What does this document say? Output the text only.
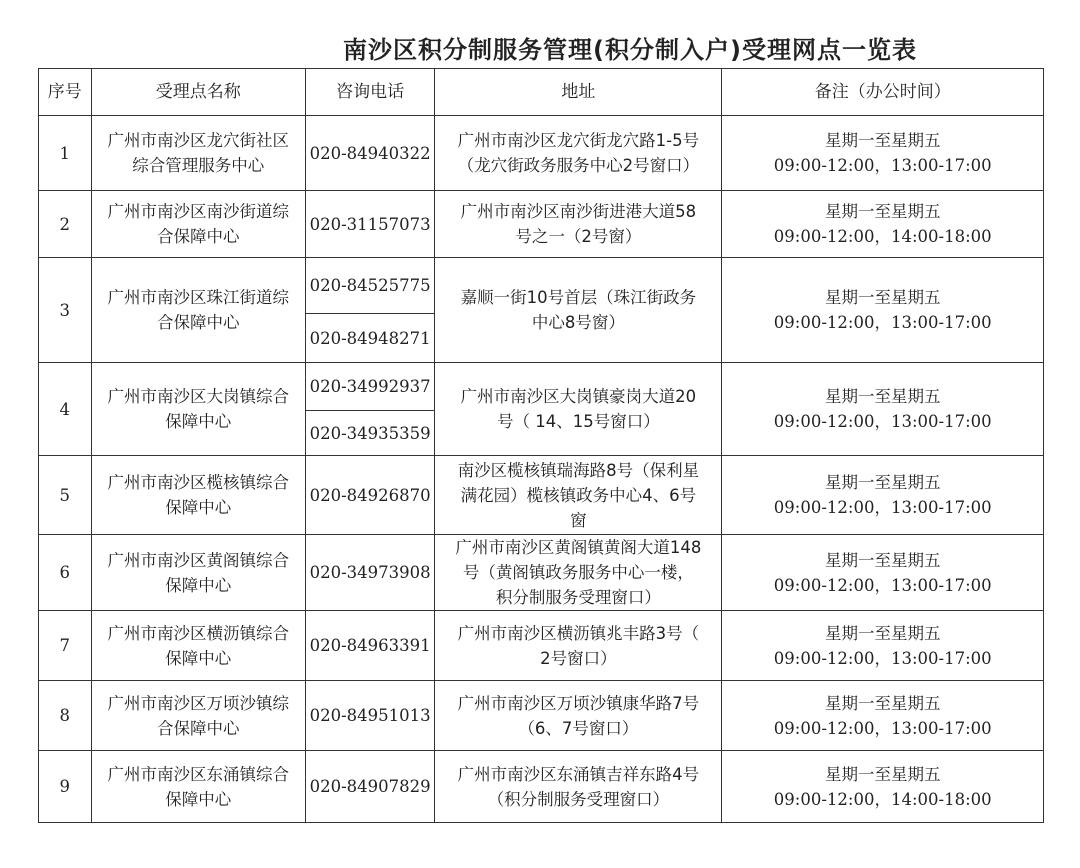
南沙区积分制服务管理(积分制入户)受理网点一览表
序号	受理点名称	咨询电话	地址	备注（办公时间）
1	广州市南沙区龙穴街社区
综合管理服务中心	020-84940322	广州市南沙区龙穴街龙穴路1-5号
（龙穴街政务服务中心2号窗口）	星期一至星期五
09:00-12:00，13:00-17:00
2	广州市南沙区南沙街道综
合保障中心	020-31157073	广州市南沙区南沙街进港大道58
号之一（2号窗）	星期一至星期五
09:00-12:00，14:00-18:00
3	广州市南沙区珠江街道综
合保障中心	020-84525775	嘉顺一街10号首层（珠江街政务
中心8号窗）	星期一至星期五
09:00-12:00，13:00-17:00
		020-84948271		
4	广州市南沙区大岗镇综合
保障中心	020-34992937	广州市南沙区大岗镇豪岗大道20
号（ 14、15号窗口）	星期一至星期五
09:00-12:00，13:00-17:00
		020-34935359		
5	广州市南沙区榄核镇综合
保障中心	020-84926870	南沙区榄核镇瑞海路8号（保利星
满花园）榄核镇政务中心4、6号
窗	星期一至星期五
09:00-12:00，13:00-17:00
6	广州市南沙区黄阁镇综合
保障中心	020-34973908	广州市南沙区黄阁镇黄阁大道148
号（黄阁镇政务服务中心一楼，
积分制服务受理窗口）	星期一至星期五
09:00-12:00，13:00-17:00
7	广州市南沙区横沥镇综合
保障中心	020-84963391	广州市南沙区横沥镇兆丰路3号（
2号窗口）	星期一至星期五
09:00-12:00，13:00-17:00
8	广州市南沙区万顷沙镇综
合保障中心	020-84951013	广州市南沙区万顷沙镇康华路7号
（6、7号窗口）	星期一至星期五
09:00-12:00，13:00-17:00
9	广州市南沙区东涌镇综合
保障中心	020-84907829	广州市南沙区东涌镇吉祥东路4号
（积分制服务受理窗口）	星期一至星期五
09:00-12:00，14:00-18:00
